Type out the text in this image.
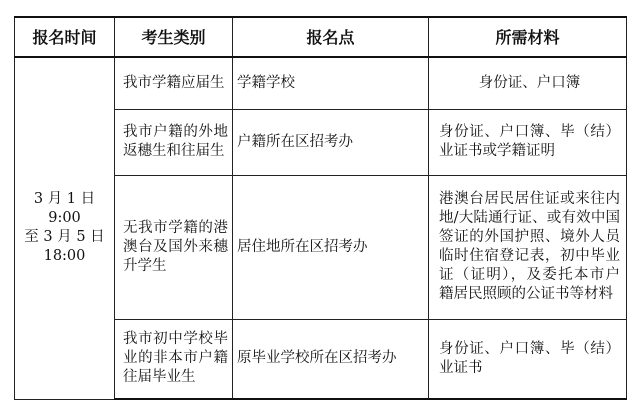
报名时间	考生类别	报名点	所需材料
3 月 1 日 9:00
至 3 月 5 日
18:00	我市学籍应届生	学籍学校	身份证、户口簿
	我市户籍的外地返穗生和往届生	户籍所在区招考办	身份证、户口簿、毕（结）业证书或学籍证明
	无我市学籍的港澳台及国外来穗升学生	居住地所在区招考办	港澳台居民居住证或来往内地/大陆通行证、或有效中国签证的外国护照、境外人员临时住宿登记表，初中毕业证（证明），及委托本市户籍居民照顾的公证书等材料
	我市初中学校毕业的非本市户籍往届毕业生	原毕业学校所在区招考办	身份证、户口簿、毕（结）业证书
